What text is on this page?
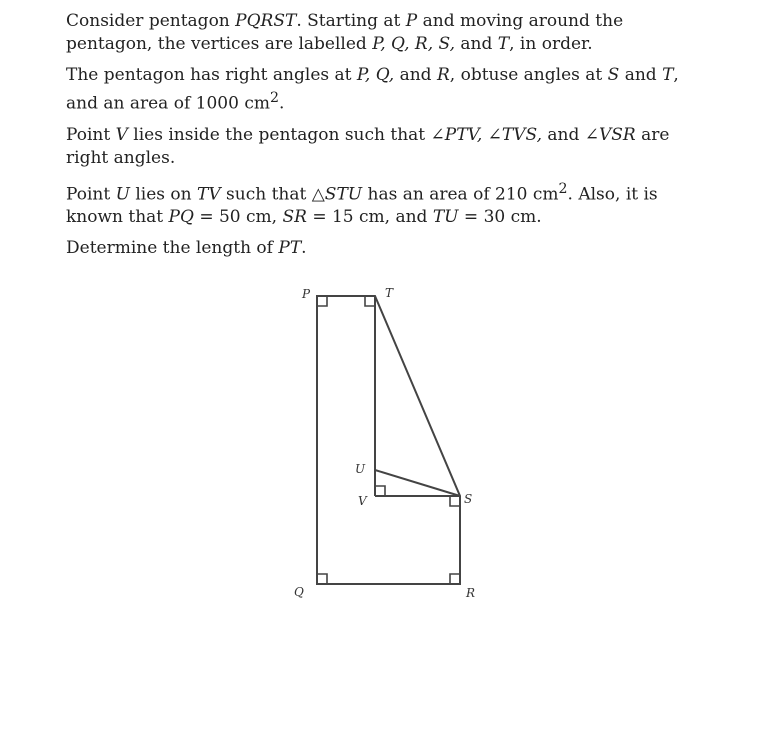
Consider pentagon PQRST. Starting at P and moving around the pentagon, the vertices are labelled P, Q, R, S, and T, in order.

The pentagon has right angles at P, Q, and R, obtuse angles at S and T, and an area of 1000 $cm^2$.

Point V lies inside the pentagon such that ∠PTV, ∠TVS, and ∠VSR are right angles.

Point U lies on TV such that △STU has an area of 210 $cm^2$. Also, it is known that PQ = 50 cm, SR = 15 cm, and TU = 30 cm.

Determine the length of PT.

P	T
U
V	S
Q	R
